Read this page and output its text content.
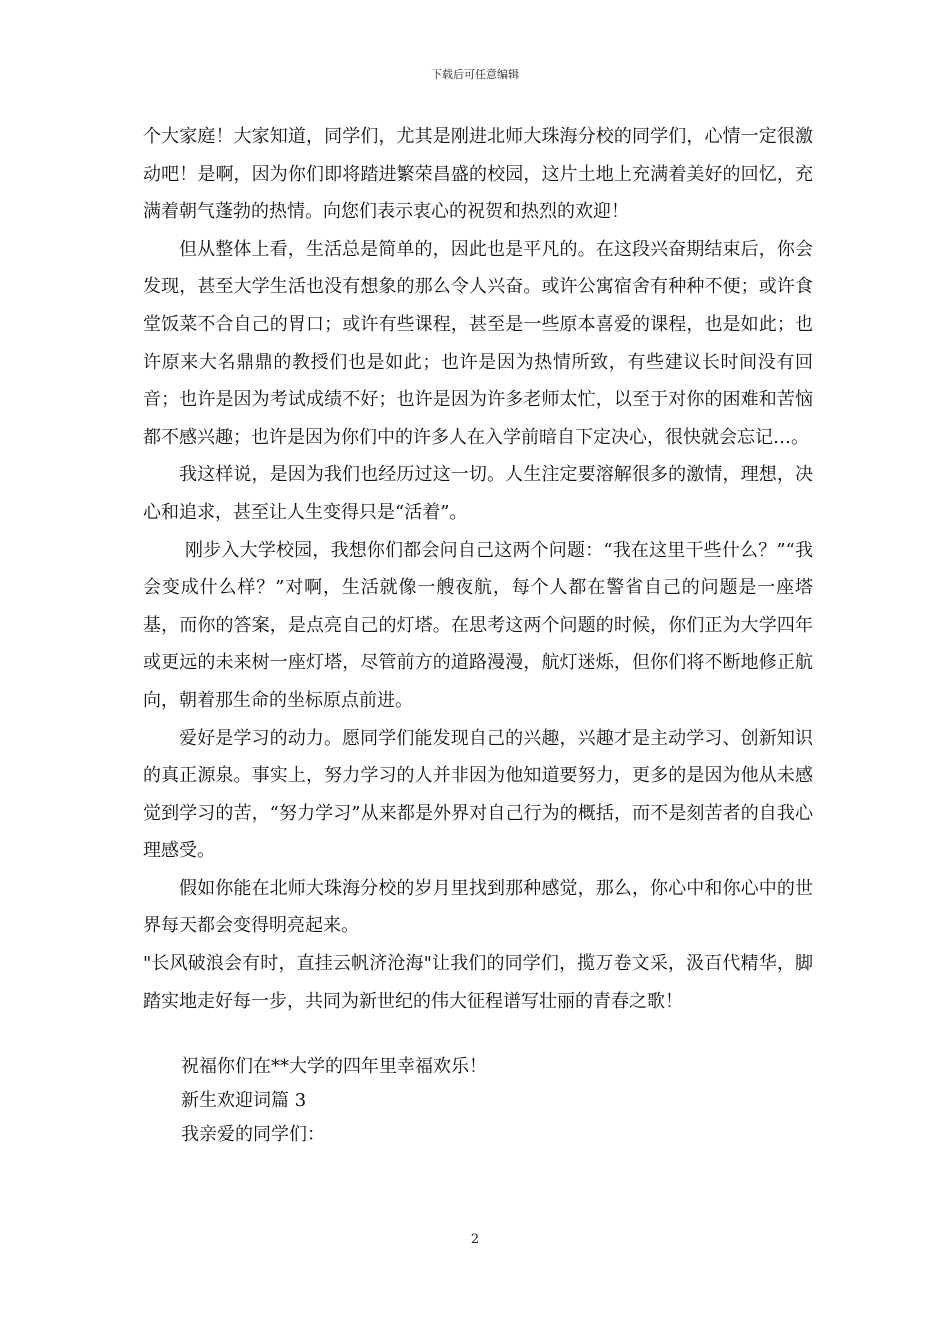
下载后可任意编辑

个大家庭！大家知道，同学们，尤其是刚进北师大珠海分校的同学们，心情一定很激动吧！是啊，因为你们即将踏进繁荣昌盛的校园，这片土地上充满着美好的回忆，充满着朝气蓬勃的热情。向您们表示衷心的祝贺和热烈的欢迎！

但从整体上看，生活总是简单的，因此也是平凡的。在这段兴奋期结束后，你会发现，甚至大学生活也没有想象的那么令人兴奋。或许公寓宿舍有种种不便；或许食堂饭菜不合自己的胃口；或许有些课程，甚至是一些原本喜爱的课程，也是如此；也许原来大名鼎鼎的教授们也是如此；也许是因为热情所致，有些建议长时间没有回音；也许是因为考试成绩不好；也许是因为许多老师太忙，以至于对你的困难和苦恼都不感兴趣；也许是因为你们中的许多人在入学前暗自下定决心，很快就会忘记…。

我这样说，是因为我们也经历过这一切。人生注定要溶解很多的激情，理想，决心和追求，甚至让人生变得只是“活着”。

刚步入大学校园，我想你们都会问自己这两个问题：“我在这里干些什么？”“我会变成什么样？”对啊，生活就像一艘夜航，每个人都在警省自己的问题是一座塔基，而你的答案，是点亮自己的灯塔。在思考这两个问题的时候，你们正为大学四年或更远的未来树一座灯塔，尽管前方的道路漫漫，航灯迷烁，但你们将不断地修正航向，朝着那生命的坐标原点前进。

爱好是学习的动力。愿同学们能发现自己的兴趣，兴趣才是主动学习、创新知识的真正源泉。事实上，努力学习的人并非因为他知道要努力，更多的是因为他从未感觉到学习的苦，“努力学习”从来都是外界对自己行为的概括，而不是刻苦者的自我心理感受。

假如你能在北师大珠海分校的岁月里找到那种感觉，那么，你心中和你心中的世界每天都会变得明亮起来。

"长风破浪会有时，直挂云帆济沧海"让我们的同学们，揽万卷文采，汲百代精华，脚踏实地走好每一步，共同为新世纪的伟大征程谱写壮丽的青春之歌！

祝福你们在**大学的四年里幸福欢乐！

新生欢迎词篇 3

我亲爱的同学们：

2
